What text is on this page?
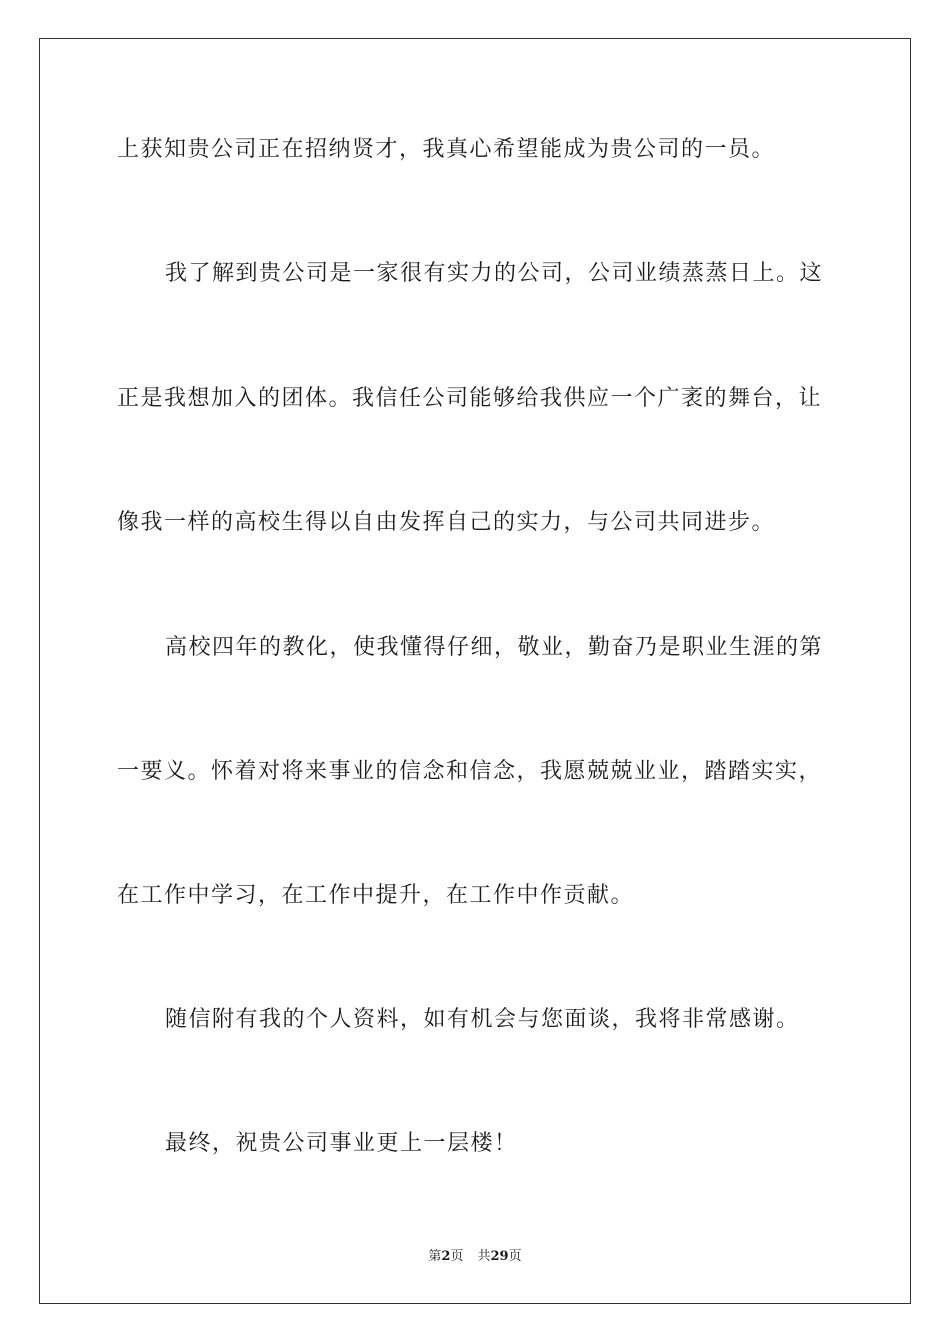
上获知贵公司正在招纳贤才，我真心希望能成为贵公司的一员。
我了解到贵公司是一家很有实力的公司，公司业绩蒸蒸日上。这
正是我想加入的团体。我信任公司能够给我供应一个广袤的舞台，让
像我一样的高校生得以自由发挥自己的实力，与公司共同进步。
高校四年的教化，使我懂得仔细，敬业，勤奋乃是职业生涯的第
一要义。怀着对将来事业的信念和信念，我愿兢兢业业，踏踏实实，
在工作中学习，在工作中提升，在工作中作贡献。
随信附有我的个人资料，如有机会与您面谈，我将非常感谢。
最终，祝贵公司事业更上一层楼！
第2页 共29页
